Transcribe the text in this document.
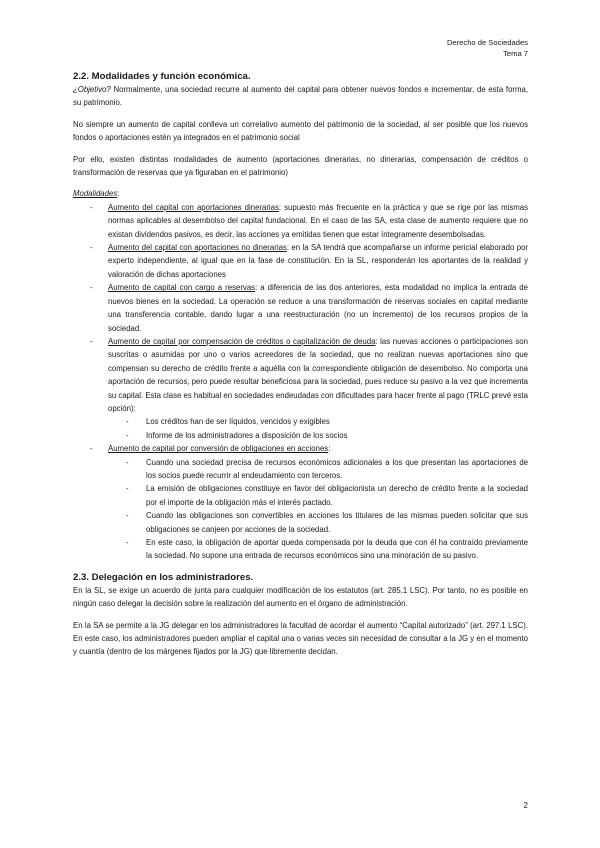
Derecho de Sociedades
Tema 7
2.2. Modalidades y función económica.

¿Objetivo? Normalmente, una sociedad recurre al aumento del capital para obtener nuevos fondos e incrementar, de esta forma, su patrimonio.

No siempre un aumento de capital conlleva un correlativo aumento del patrimonio de la sociedad, al ser posible que los nuevos fondos o aportaciones estén ya integrados en el patrimonio social

Por ello, existen distintas modalidades de aumento (aportaciones dinerarias, no dinerarias, compensación de créditos o transformación de reservas que ya figuraban en el patrimonio)

Modalidades:

- Aumento del capital con aportaciones dinerarias: supuesto más frecuente en la práctica y que se rige por las mismas normas aplicables al desembolso del capital fundacional. En el caso de las SA, esta clase de aumento requiere que no existan dividendos pasivos, es decir, las acciones ya emitidas tienen que estar íntegramente desembolsadas.
- Aumento del capital con aportaciones no dinerarias: en la SA tendrá que acompañarse un informe pericial elaborado por experto independiente, al igual que en la fase de constitución. En la SL, responderán los aportantes de la realidad y valoración de dichas aportaciones
- Aumento de capital con cargo a reservas: a diferencia de las dos anteriores, esta modalidad no implica la entrada de nuevos bienes en la sociedad. La operación se reduce a una transformación de reservas sociales en capital mediante una transferencia contable, dando lugar a una reestructuración (no un incremento) de los recursos propios de la sociedad.
- Aumento de capital por compensación de créditos o capitalización de deuda: las nuevas acciones o participaciones son suscritas o asumidas por uno o varios acreedores de la sociedad, que no realizan nuevas aportaciones sino que compensan su derecho de crédito frente a aquélla con la correspondiente obligación de desembolso. No comporta una aportación de recursos, pero puede resultar beneficiosa para la sociedad, pues reduce su pasivo a la vez que incrementa su capital. Esta clase es habitual en sociedades endeudadas con dificultades para hacer frente al pago (TRLC prevé esta opción):
- Los créditos han de ser líquidos, vencidos y exigibles
- Informe de los administradores a disposición de los socios
- Aumento de capital por conversión de obligaciones en acciones:
- Cuando una sociedad precisa de recursos económicos adicionales a los que presentan las aportaciones de los socios puede recurrir al endeudamiento con terceros.
- La emisión de obligaciones constituye en favor del obligacionista un derecho de crédito frente a la sociedad por el importe de la obligación más el interés pactado.
- Cuando las obligaciones son convertibles en acciones los titulares de las mismas pueden solicitar que sus obligaciones se canjeen por acciones de la sociedad.
- En este caso, la obligación de aportar queda compensada por la deuda que con él ha contraído previamente la sociedad. No supone una entrada de recursos económicos sino una minoración de su pasivo.
2.3. Delegación en los administradores.

En la SL, se exige un acuerdo de junta para cualquier modificación de los estatutos (art. 285.1 LSC). Por tanto, no es posible en ningún caso delegar la decisión sobre la realización del aumento en el órgano de administración.

En la SA se permite a la JG delegar en los administradores la facultad de acordar el aumento “Capital autorizado” (art. 297.1 LSC). En este caso, los administradores pueden ampliar el capital una o varias veces sin necesidad de consultar a la JG y en el momento y cuantía (dentro de los márgenes fijados por la JG) que libremente decidan.

2
